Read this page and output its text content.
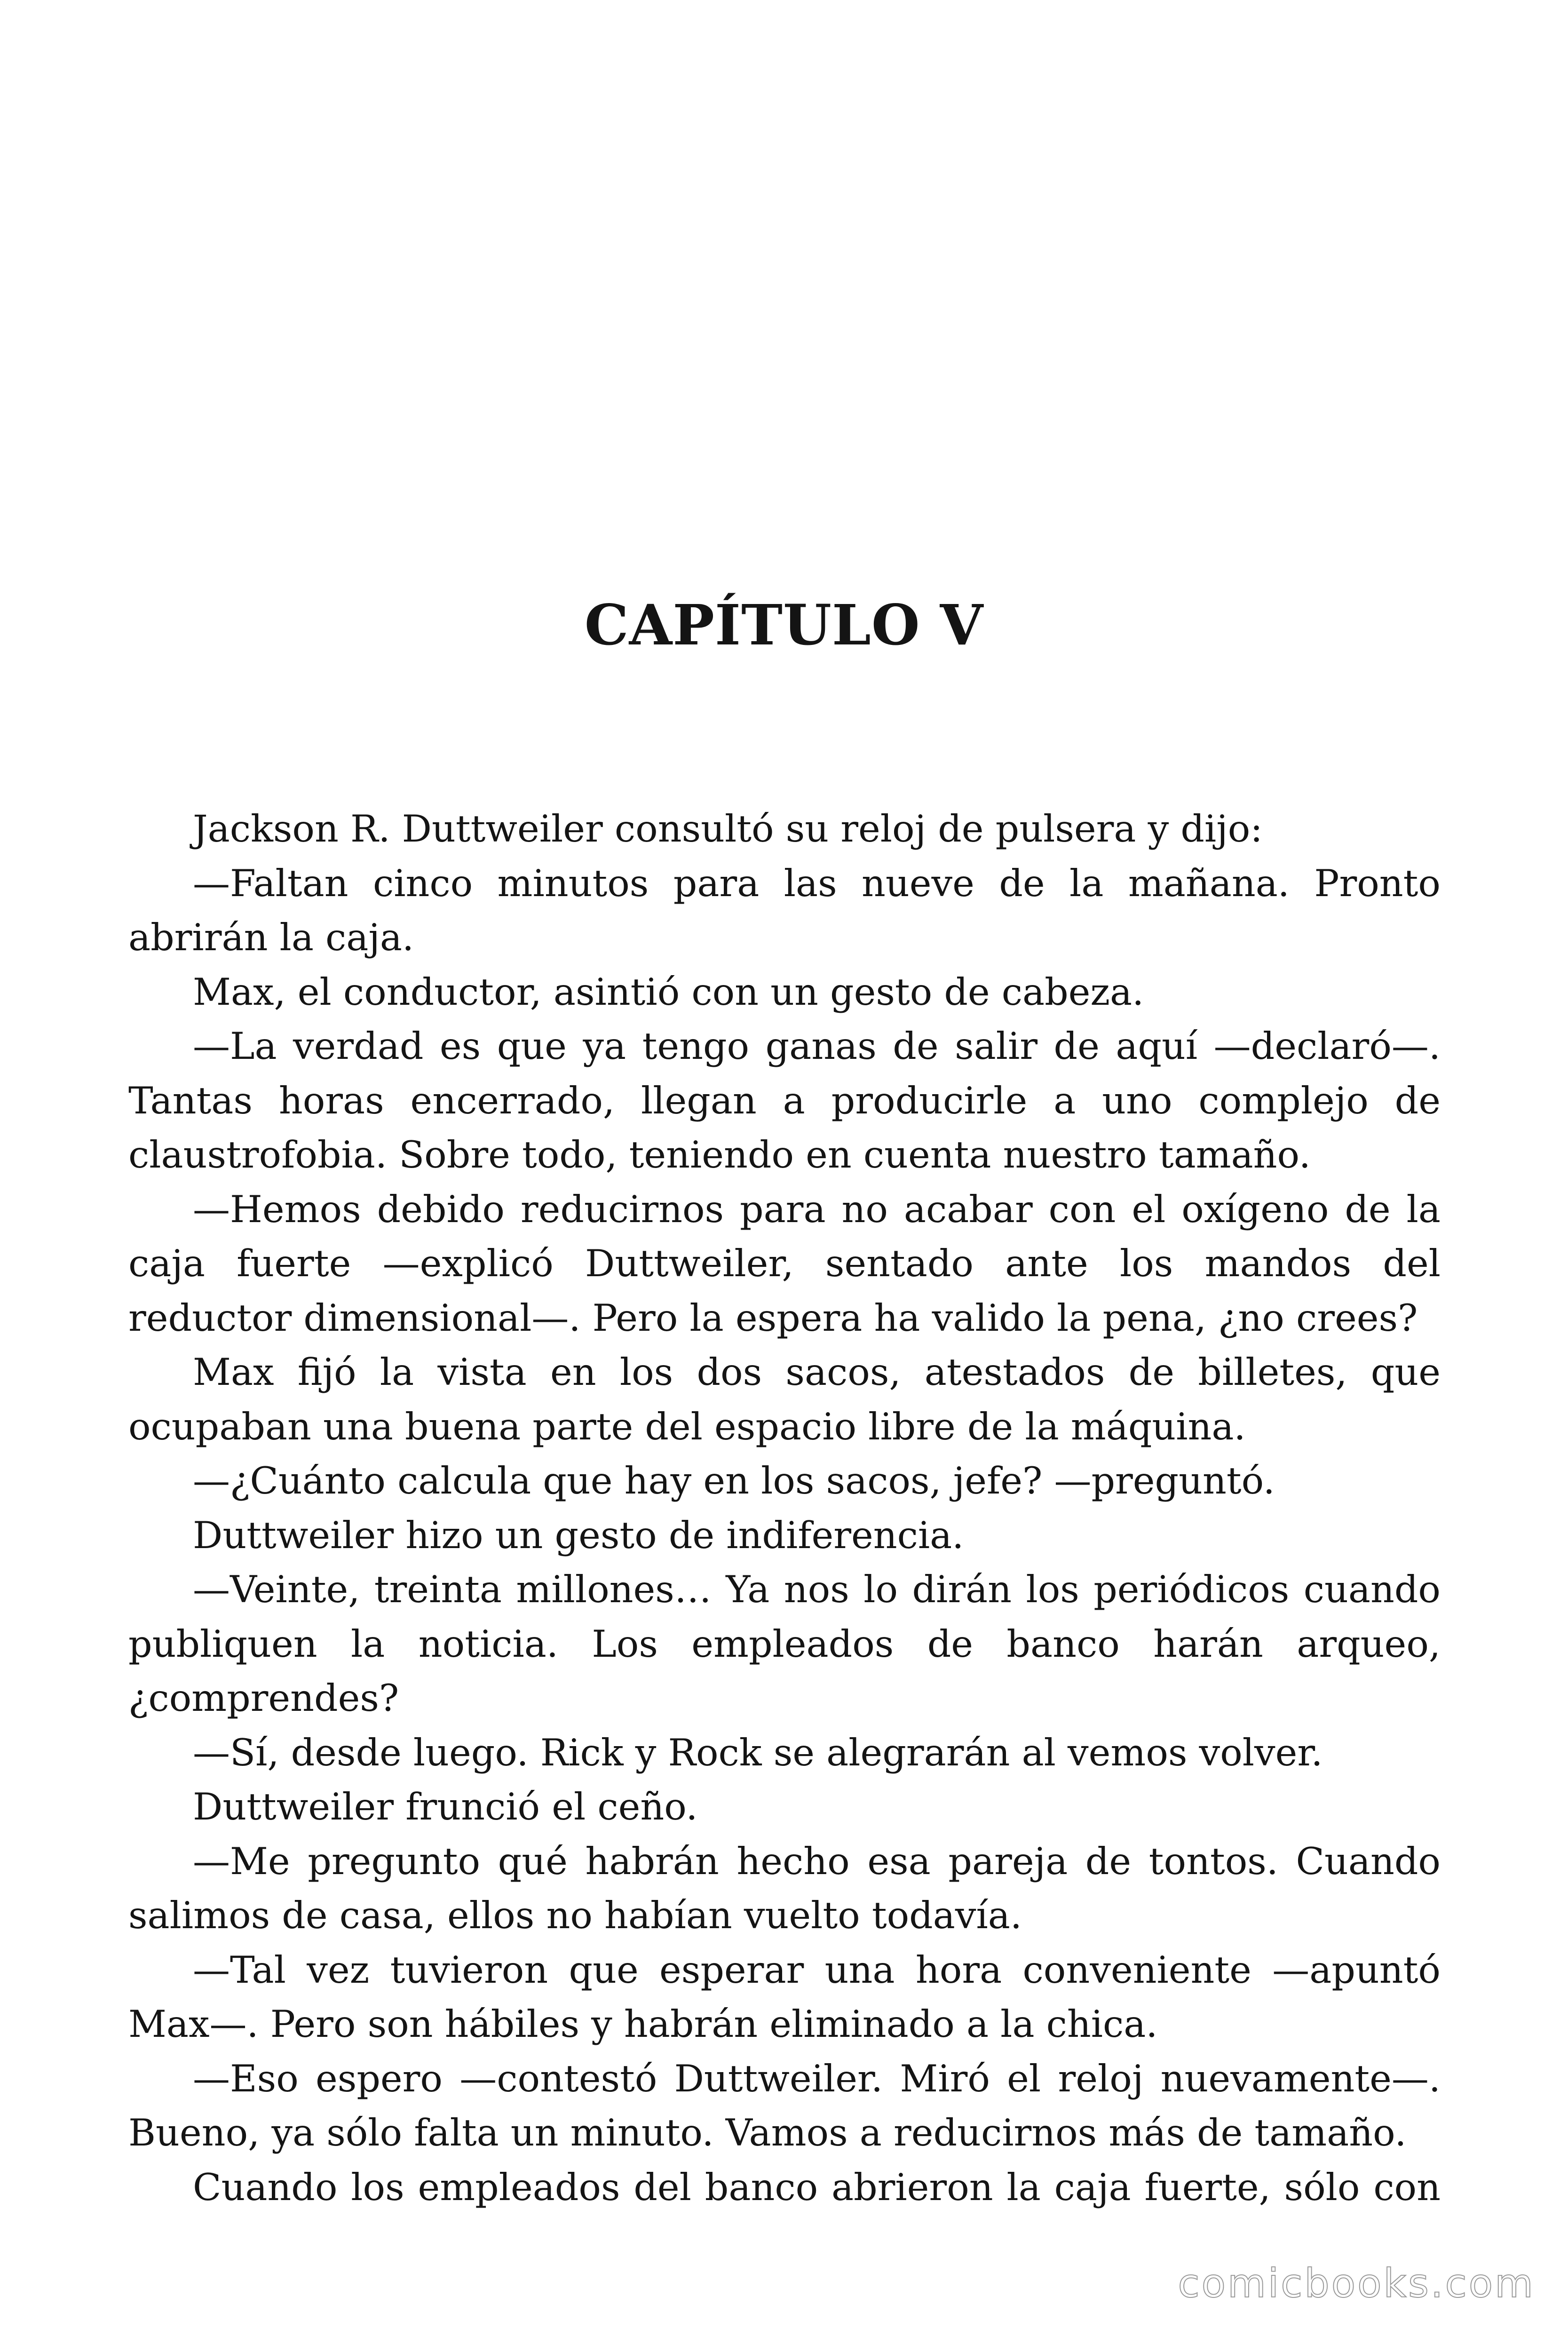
CAPÍTULO V

Jackson R. Duttweiler consultó su reloj de pulsera y dijo:

—Faltan cinco minutos para las nueve de la mañana. Pronto abrirán la caja.

Max, el conductor, asintió con un gesto de cabeza.

—La verdad es que ya tengo ganas de salir de aquí —declaró—. Tantas horas encerrado, llegan a producirle a uno complejo de claustrofobia. Sobre todo, teniendo en cuenta nuestro tamaño.

—Hemos debido reducirnos para no acabar con el oxígeno de la caja fuerte —explicó Duttweiler, sentado ante los mandos del reductor dimensional—. Pero la espera ha valido la pena, ¿no crees?

Max fijó la vista en los dos sacos, atestados de billetes, que ocupaban una buena parte del espacio libre de la máquina.

—¿Cuánto calcula que hay en los sacos, jefe? —preguntó.

Duttweiler hizo un gesto de indiferencia.

—Veinte, treinta millones… Ya nos lo dirán los periódicos cuando publiquen la noticia. Los empleados de banco harán arqueo, ¿comprendes?

—Sí, desde luego. Rick y Rock se alegrarán al vemos volver.

Duttweiler frunció el ceño.

—Me pregunto qué habrán hecho esa pareja de tontos. Cuando salimos de casa, ellos no habían vuelto todavía.

—Tal vez tuvieron que esperar una hora conveniente —apuntó Max—. Pero son hábiles y habrán eliminado a la chica.

—Eso espero —contestó Duttweiler. Miró el reloj nuevamente—. Bueno, ya sólo falta un minuto. Vamos a reducirnos más de tamaño.

Cuando los empleados del banco abrieron la caja fuerte, sólo con

comicbooks.com
